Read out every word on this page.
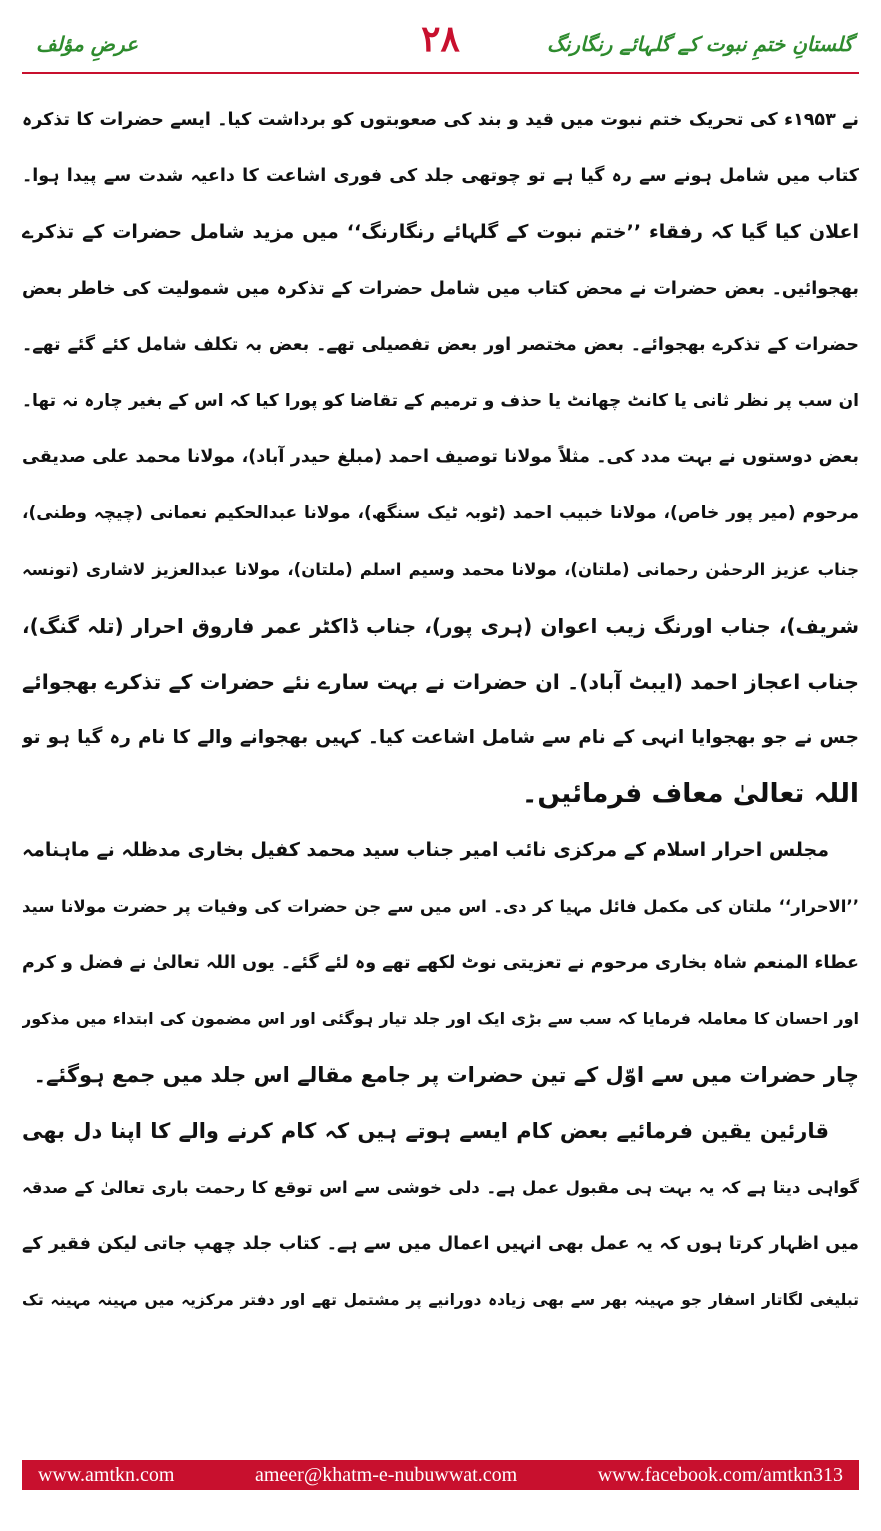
عرضِ مؤلف	۲۸	گلستانِ ختمِ نبوت کے گلہائے رنگارنگ
نے ۱۹۵۳ء کی تحریک ختم نبوت میں قید و بند کی صعوبتوں کو برداشت کیا۔ ایسے حضرات کا تذکرہ
کتاب میں شامل ہونے سے رہ گیا ہے تو چوتھی جلد کی فوری اشاعت کا داعیہ شدت سے پیدا ہوا۔
اعلان کیا گیا کہ رفقاء ’’ختم نبوت کے گلہائے رنگارنگ‘‘ میں مزید شامل حضرات کے تذکرے
بھجوائیں۔ بعض حضرات نے محض کتاب میں شامل حضرات کے تذکرہ میں شمولیت کی خاطر بعض
حضرات کے تذکرے بھجوائے۔ بعض مختصر اور بعض تفصیلی تھے۔ بعض بہ تکلف شامل کئے گئے تھے۔
ان سب پر نظر ثانی یا کانٹ چھانٹ یا حذف و ترمیم کے تقاضا کو پورا کیا کہ اس کے بغیر چارہ نہ تھا۔
بعض دوستوں نے بہت مدد کی۔ مثلاً مولانا توصیف احمد (مبلغ حیدر آباد)، مولانا محمد علی صدیقی
مرحوم (میر پور خاص)، مولانا خبیب احمد (ٹوبہ ٹیک سنگھ)، مولانا عبدالحکیم نعمانی (چیچہ وطنی)،
جناب عزیز الرحمٰن رحمانی (ملتان)، مولانا محمد وسیم اسلم (ملتان)، مولانا عبدالعزیز لاشاری (تونسہ
شریف)، جناب اورنگ زیب اعوان (ہری پور)، جناب ڈاکٹر عمر فاروق احرار (تلہ گنگ)،
جناب اعجاز احمد (ایبٹ آباد)۔ ان حضرات نے بہت سارے نئے حضرات کے تذکرے بھجوائے
جس نے جو بھجوایا انہی کے نام سے شامل اشاعت کیا۔ کہیں بھجوانے والے کا نام رہ گیا ہو تو
اللہ تعالیٰ معاف فرمائیں۔
مجلس احرار اسلام کے مرکزی نائب امیر جناب سید محمد کفیل بخاری مدظلہ نے ماہنامہ
’’الاحرار‘‘ ملتان کی مکمل فائل مہیا کر دی۔ اس میں سے جن حضرات کی وفیات پر حضرت مولانا سید
عطاء المنعم شاہ بخاری مرحوم نے تعزیتی نوٹ لکھے تھے وہ لئے گئے۔ یوں اللہ تعالیٰ نے فضل و کرم
اور احسان کا معاملہ فرمایا کہ سب سے بڑی ایک اور جلد تیار ہوگئی اور اس مضمون کی ابتداء میں مذکور
چار حضرات میں سے اوّل کے تین حضرات پر جامع مقالے اس جلد میں جمع ہوگئے۔
قارئین یقین فرمائیے بعض کام ایسے ہوتے ہیں کہ کام کرنے والے کا اپنا دل بھی
گواہی دیتا ہے کہ یہ بہت ہی مقبول عمل ہے۔ دلی خوشی سے اس توقع کا رحمت باری تعالیٰ کے صدقہ
میں اظہار کرتا ہوں کہ یہ عمل بھی انہیں اعمال میں سے ہے۔ کتاب جلد چھپ جاتی لیکن فقیر کے
تبلیغی لگاتار اسفار جو مہینہ بھر سے بھی زیادہ دورانیے پر مشتمل تھے اور دفتر مرکزیہ میں مہینہ مہینہ تک
www.amtkn.com	ameer@khatm-e-nubuwwat.com	www.facebook.com/amtkn313
